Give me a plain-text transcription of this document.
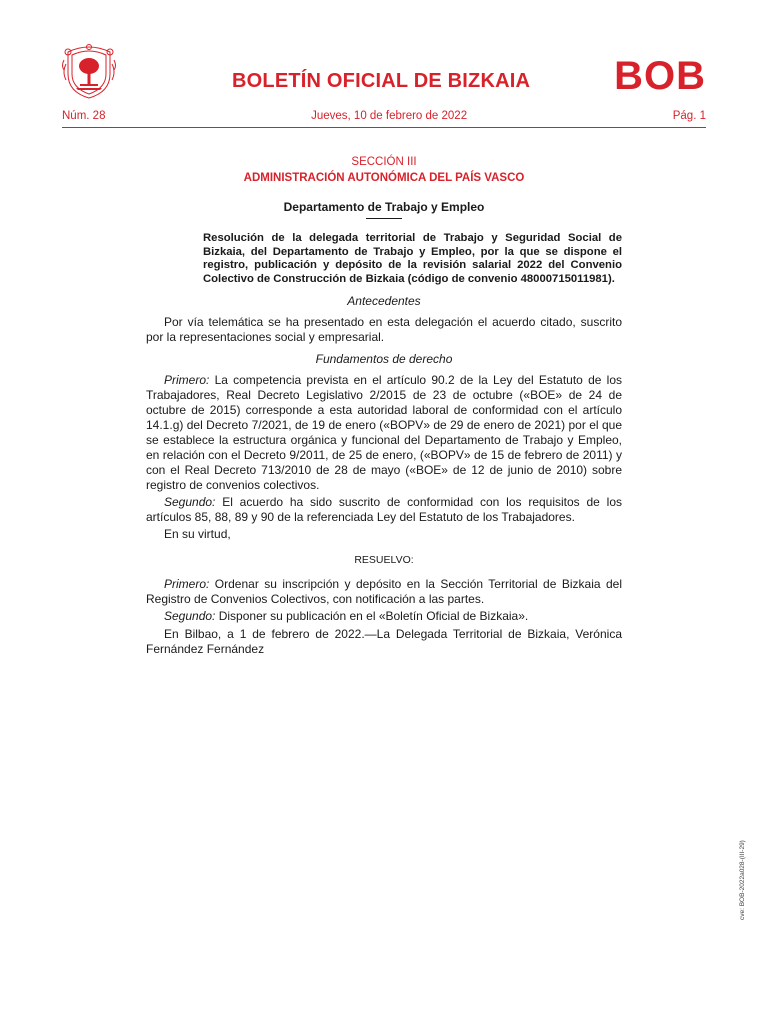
BOLETÍN OFICIAL DE BIZKAIA BOB
Núm. 28	Jueves, 10 de febrero de 2022	Pág. 1
SECCIÓN III
ADMINISTRACIÓN AUTONÓMICA DEL PAÍS VASCO
Departamento de Trabajo y Empleo
Resolución de la delegada territorial de Trabajo y Seguridad Social de Bizkaia, del Departamento de Trabajo y Empleo, por la que se dispone el registro, publicación y depósito de la revisión salarial 2022 del Convenio Colectivo de Construcción de Bizkaia (código de convenio 48000715011981).
Antecedentes

Por vía telemática se ha presentado en esta delegación el acuerdo citado, suscrito por la representaciones social y empresarial.

Fundamentos de derecho

Primero: La competencia prevista en el artículo 90.2 de la Ley del Estatuto de los Trabajadores, Real Decreto Legislativo 2/2015 de 23 de octubre («BOE» de 24 de octubre de 2015) corresponde a esta autoridad laboral de conformidad con el artículo 14.1.g) del Decreto 7/2021, de 19 de enero («BOPV» de 29 de enero de 2021) por el que se establece la estructura orgánica y funcional del Departamento de Trabajo y Empleo, en relación con el Decreto 9/2011, de 25 de enero, («BOPV» de 15 de febrero de 2011) y con el Real Decreto 713/2010 de 28 de mayo («BOE» de 12 de junio de 2010) sobre registro de convenios colectivos.

Segundo: El acuerdo ha sido suscrito de conformidad con los requisitos de los artículos 85, 88, 89 y 90 de la referenciada Ley del Estatuto de los Trabajadores.

En su virtud,

RESUELVO:

Primero: Ordenar su inscripción y depósito en la Sección Territorial de Bizkaia del Registro de Convenios Colectivos, con notificación a las partes.

Segundo: Disponer su publicación en el «Boletín Oficial de Bizkaia».

En Bilbao, a 1 de febrero de 2022.—La Delegada Territorial de Bizkaia, Verónica Fernández Fernández

cve: BOB-2022a028-(III-29)
